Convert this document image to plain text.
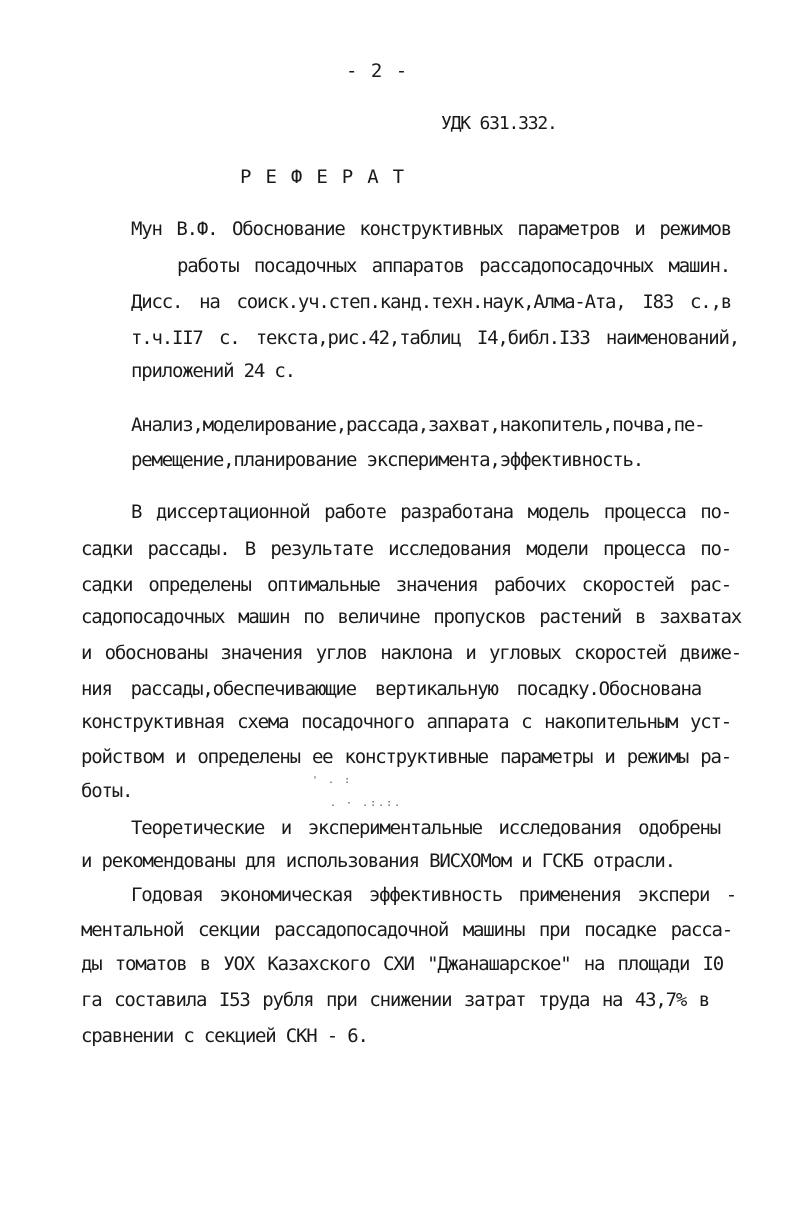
- 2 -
УДК 631.332.
РЕФЕРАТ
Мун В.Ф. Обоснование конструктивных параметров и режимов
работы посадочных аппаратов рассадопосадочных машин.
Дисс. на соиск.уч.степ.канд.техн.наук,Алма-Ата, I83 с.,в
т.ч.II7 с. текста,рис.42,таблиц I4,библ.I33 наименований,
приложений 24 с.
Анализ,моделирование,рассада,захват,накопитель,почва,пе-
ремещение,планирование эксперимента,эффективность.
В диссертационной работе разработана модель процесса по-
садки рассады. В результате исследования модели процесса по-
садки определены оптимальные значения рабочих скоростей рас-
садопосадочных машин по величине пропусков растений в захватах
и обоснованы значения углов наклона и угловых скоростей движе-
ния рассады,обеспечивающие вертикальную посадку.Обоснована
конструктивная схема посадочного аппарата с накопительным уст-
ройством и определены ее конструктивные параметры и режимы ра-
боты.	' . :
. · .:.:.
Теоретические и экспериментальные исследования одобрены
и рекомендованы для использования ВИСХОМом и ГСКБ отрасли.
Годовая экономическая эффективность применения экспери -
ментальной секции рассадопосадочной машины при посадке расса-
ды томатов в УОХ Казахского СХИ "Джанашарское" на площади I0
га составила I53 рубля при снижении затрат труда на 43,7% в
сравнении с секцией СКН - 6.
